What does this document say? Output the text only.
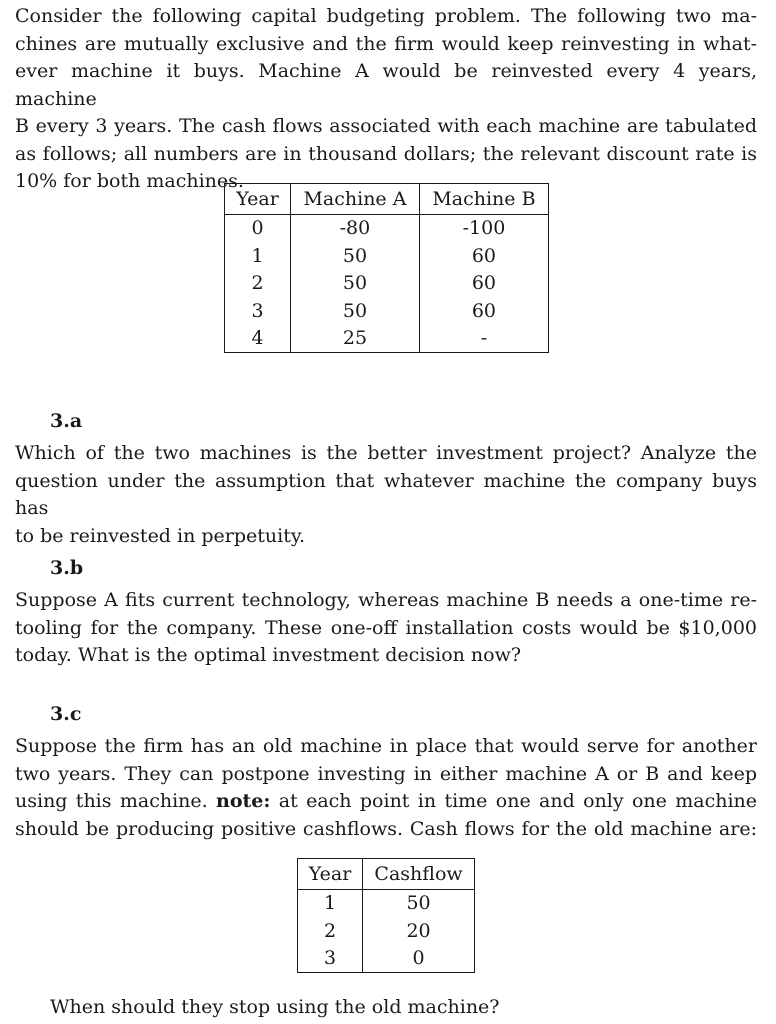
Consider the following capital budgeting problem. The following two ma-
chines are mutually exclusive and the firm would keep reinvesting in what-
ever machine it buys. Machine A would be reinvested every 4 years, machine
B every 3 years. The cash flows associated with each machine are tabulated
as follows; all numbers are in thousand dollars; the relevant discount rate is
10% for both machines.
Year	Machine A	Machine B
0	-80	-100
1	50	60
2	50	60
3	50	60
4	25	-
3.a
Which of the two machines is the better investment project? Analyze the
question under the assumption that whatever machine the company buys has
to be reinvested in perpetuity.
3.b
Suppose A fits current technology, whereas machine B needs a one-time re-
tooling for the company. These one-off installation costs would be $10,000
today. What is the optimal investment decision now?
3.c
Suppose the firm has an old machine in place that would serve for another
two years. They can postpone investing in either machine A or B and keep
using this machine. note: at each point in time one and only one machine
should be producing positive cashflows. Cash flows for the old machine are:
Year	Cashflow
1	50
2	20
3	0
When should they stop using the old machine?
